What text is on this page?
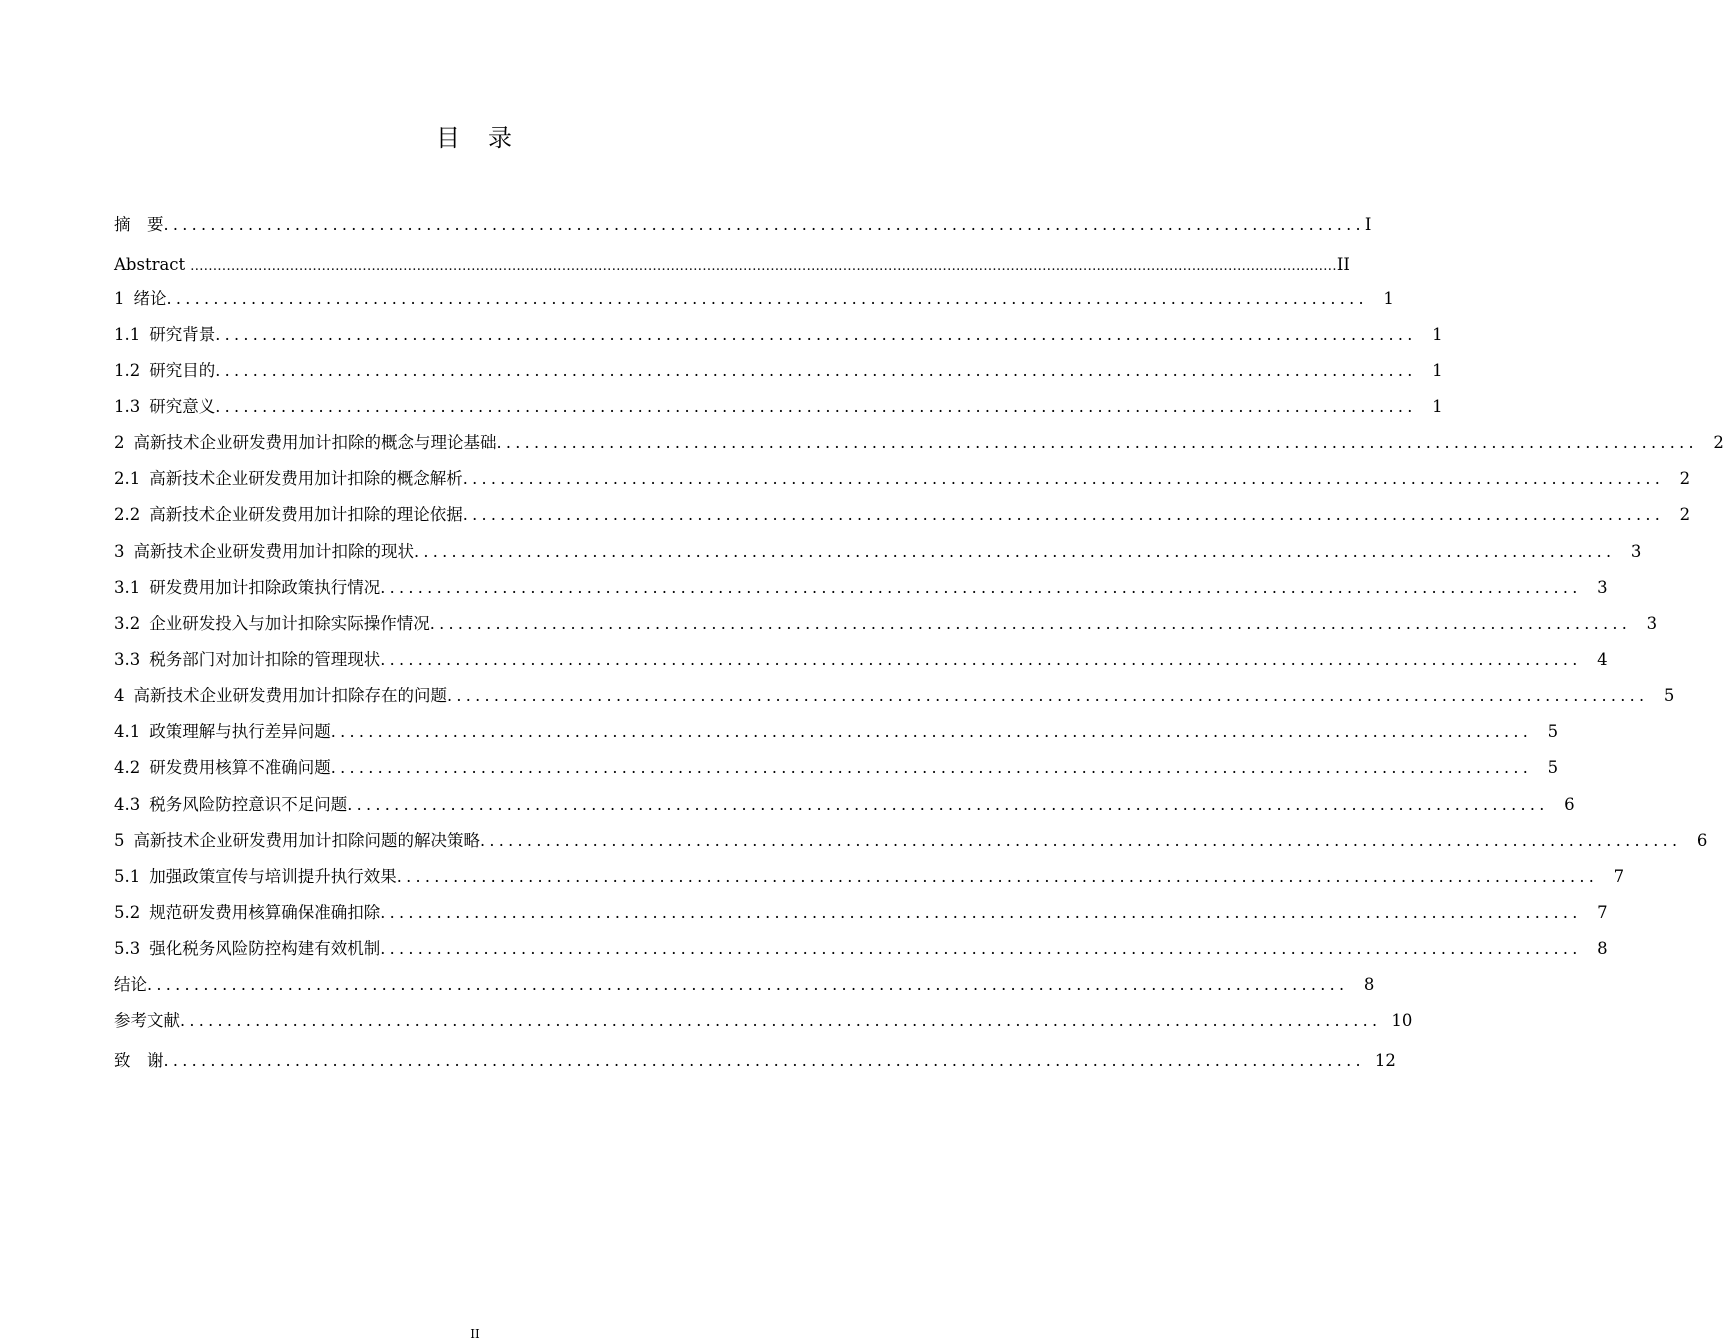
目　录
摘　要 ................................................................................................................................ I
Abstract ............................................................................................................................................................................................................................................................. II
1 绪论 ................................................................................................................................ 1
1.1 研究背景 ................................................................................................................................ 1
1.2 研究目的 ................................................................................................................................ 1
1.3 研究意义 ................................................................................................................................ 1
2 高新技术企业研发费用加计扣除的概念与理论基础 ................................................................................................................................ 2
2.1 高新技术企业研发费用加计扣除的概念解析 ................................................................................................................................ 2
2.2 高新技术企业研发费用加计扣除的理论依据 ................................................................................................................................ 2
3 高新技术企业研发费用加计扣除的现状 ................................................................................................................................ 3
3.1 研发费用加计扣除政策执行情况 ................................................................................................................................ 3
3.2 企业研发投入与加计扣除实际操作情况 ................................................................................................................................ 3
3.3 税务部门对加计扣除的管理现状 ................................................................................................................................ 4
4 高新技术企业研发费用加计扣除存在的问题 ................................................................................................................................ 5
4.1 政策理解与执行差异问题 ................................................................................................................................ 5
4.2 研发费用核算不准确问题 ................................................................................................................................ 5
4.3 税务风险防控意识不足问题 ................................................................................................................................ 6
5 高新技术企业研发费用加计扣除问题的解决策略 ................................................................................................................................ 6
5.1 加强政策宣传与培训提升执行效果 ................................................................................................................................ 7
5.2 规范研发费用核算确保准确扣除 ................................................................................................................................ 7
5.3 强化税务风险防控构建有效机制 ................................................................................................................................ 8
结论 ................................................................................................................................ 8
参考文献 ................................................................................................................................ 10
致　谢 ................................................................................................................................ 12
II
